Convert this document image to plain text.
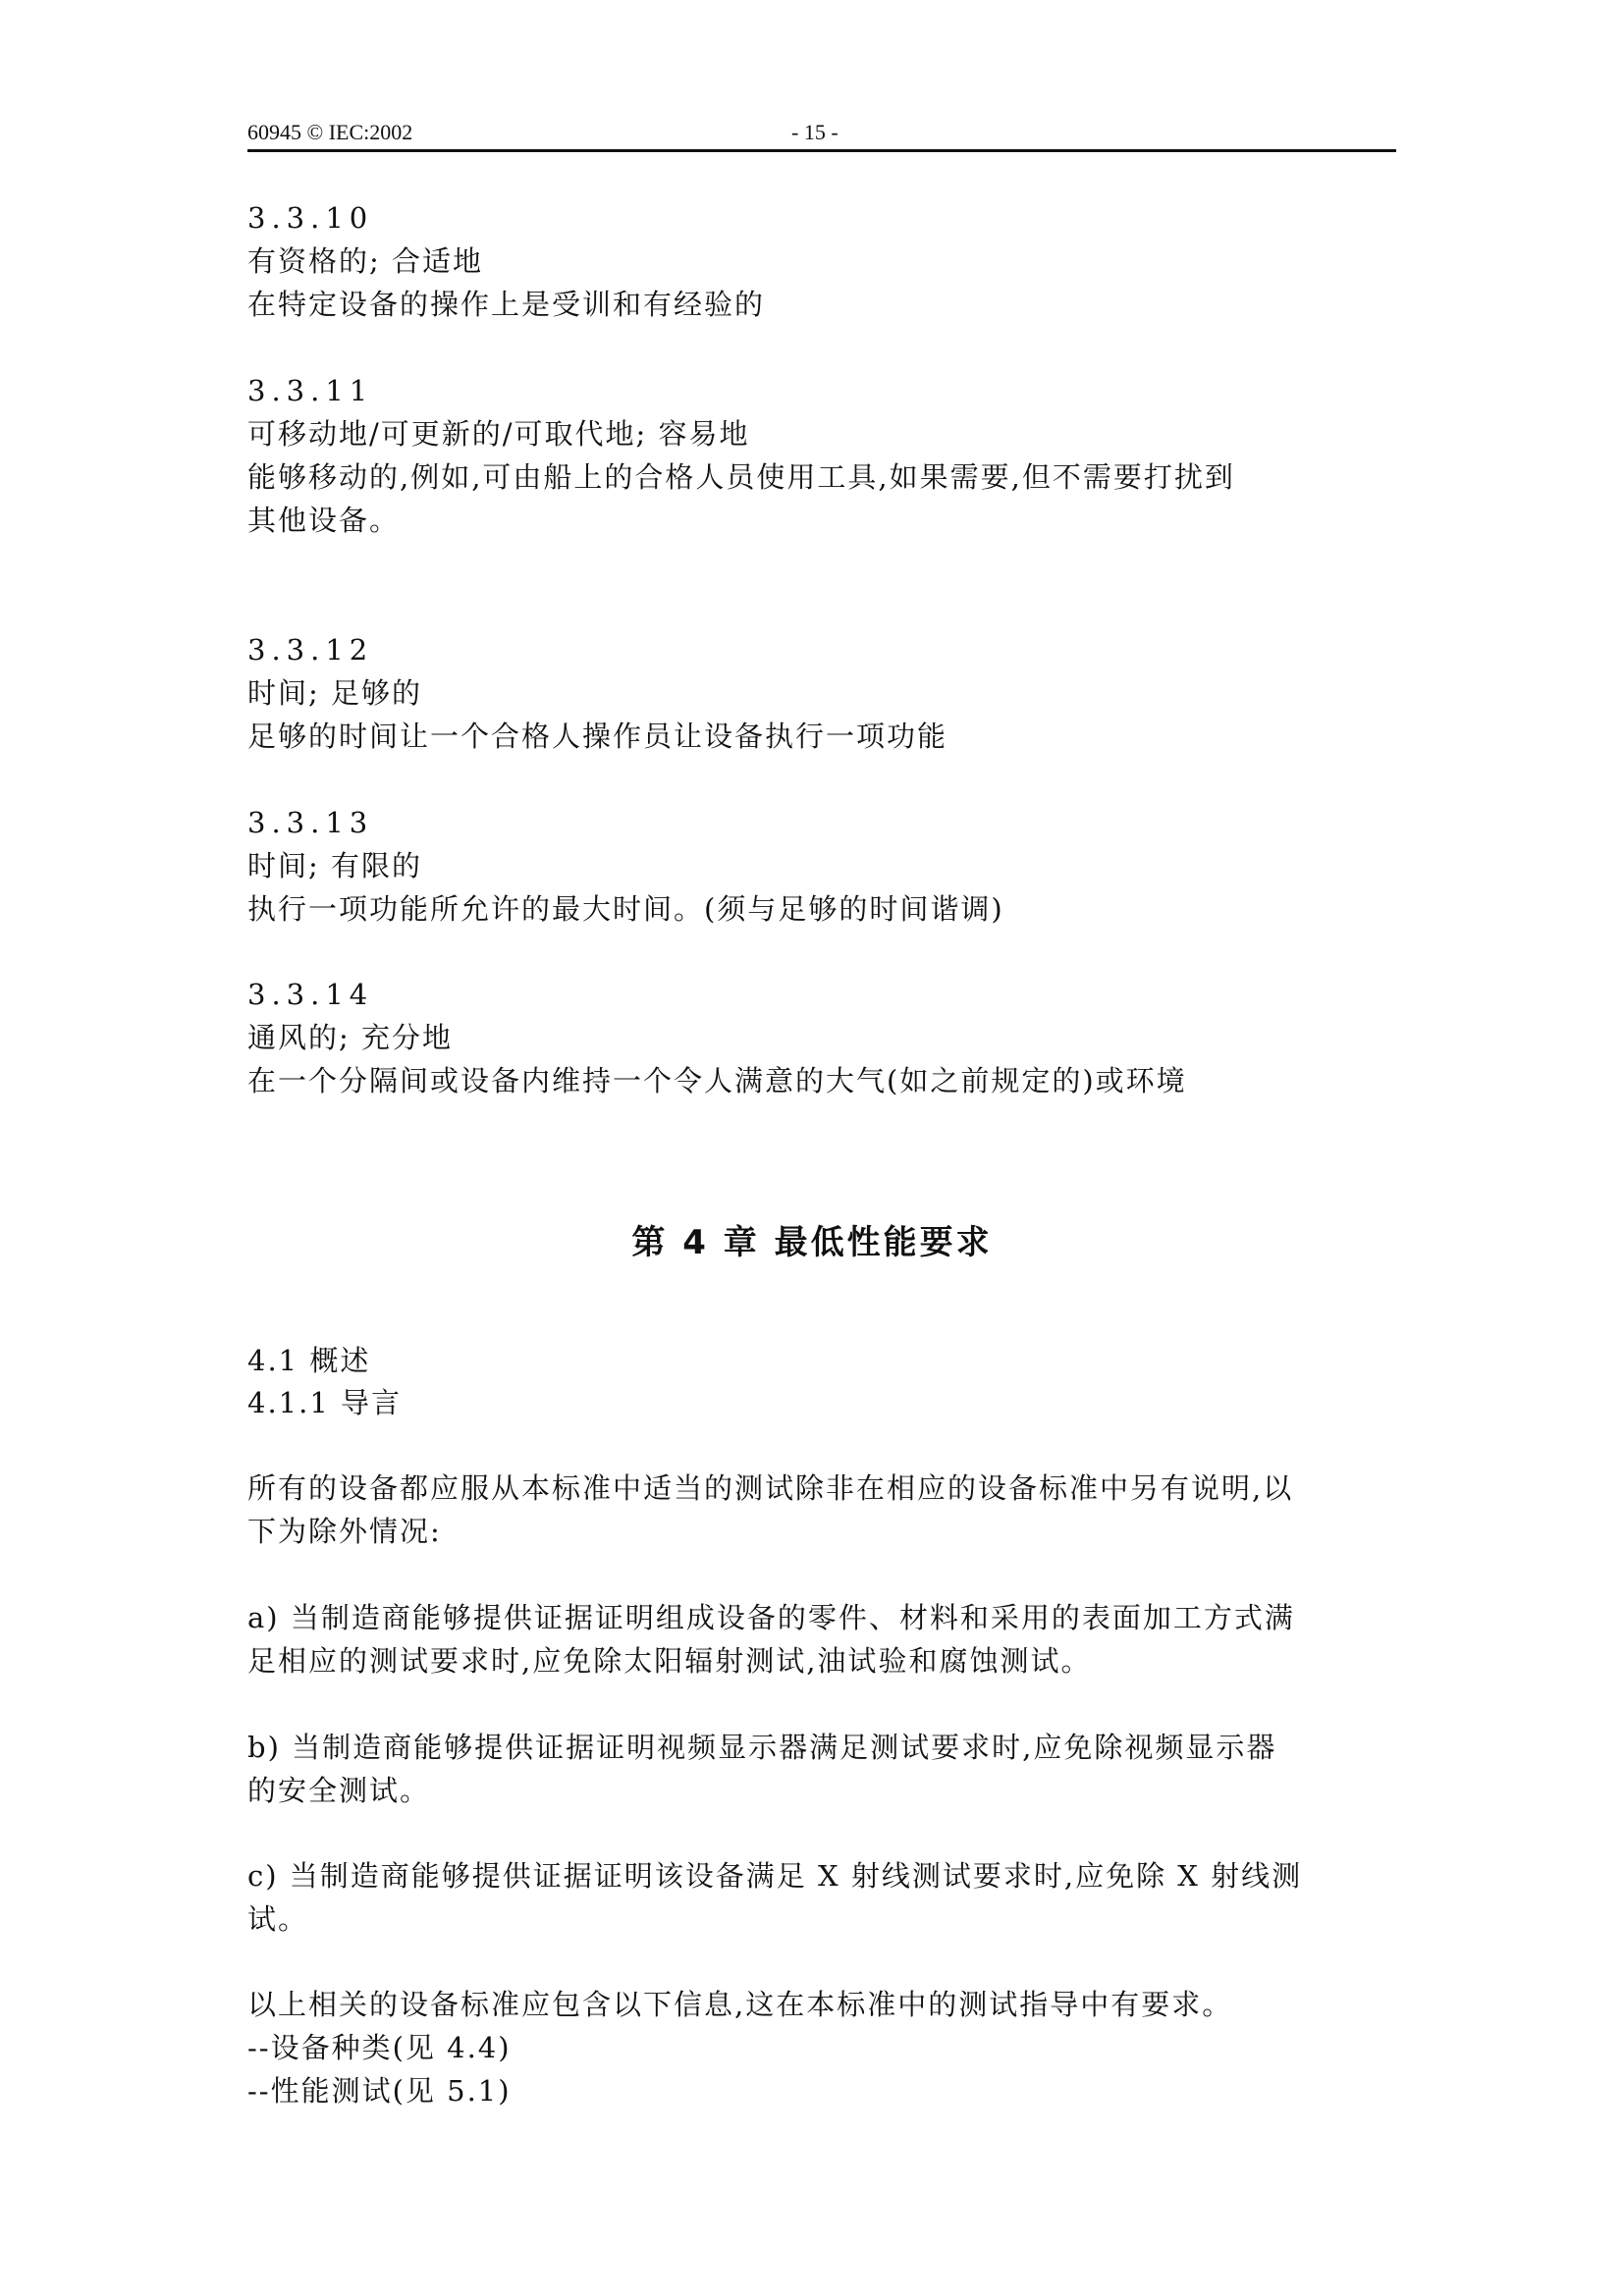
60945 © IEC:2002	- 15 -
3.3.10
有资格的; 合适地
在特定设备的操作上是受训和有经验的
3.3.11
可移动地/可更新的/可取代地; 容易地
能够移动的,例如,可由船上的合格人员使用工具,如果需要,但不需要打扰到
其他设备。
3.3.12
时间; 足够的
足够的时间让一个合格人操作员让设备执行一项功能
3.3.13
时间; 有限的
执行一项功能所允许的最大时间。(须与足够的时间谐调)
3.3.14
通风的; 充分地
在一个分隔间或设备内维持一个令人满意的大气(如之前规定的)或环境
第 4 章 最低性能要求
4.1 概述
4.1.1 导言
所有的设备都应服从本标准中适当的测试除非在相应的设备标准中另有说明,以
下为除外情况:
a) 当制造商能够提供证据证明组成设备的零件、材料和采用的表面加工方式满
足相应的测试要求时,应免除太阳辐射测试,油试验和腐蚀测试。
b) 当制造商能够提供证据证明视频显示器满足测试要求时,应免除视频显示器
的安全测试。
c) 当制造商能够提供证据证明该设备满足 X 射线测试要求时,应免除 X 射线测
试。
以上相关的设备标准应包含以下信息,这在本标准中的测试指导中有要求。
--设备种类(见 4.4)
--性能测试(见 5.1)
